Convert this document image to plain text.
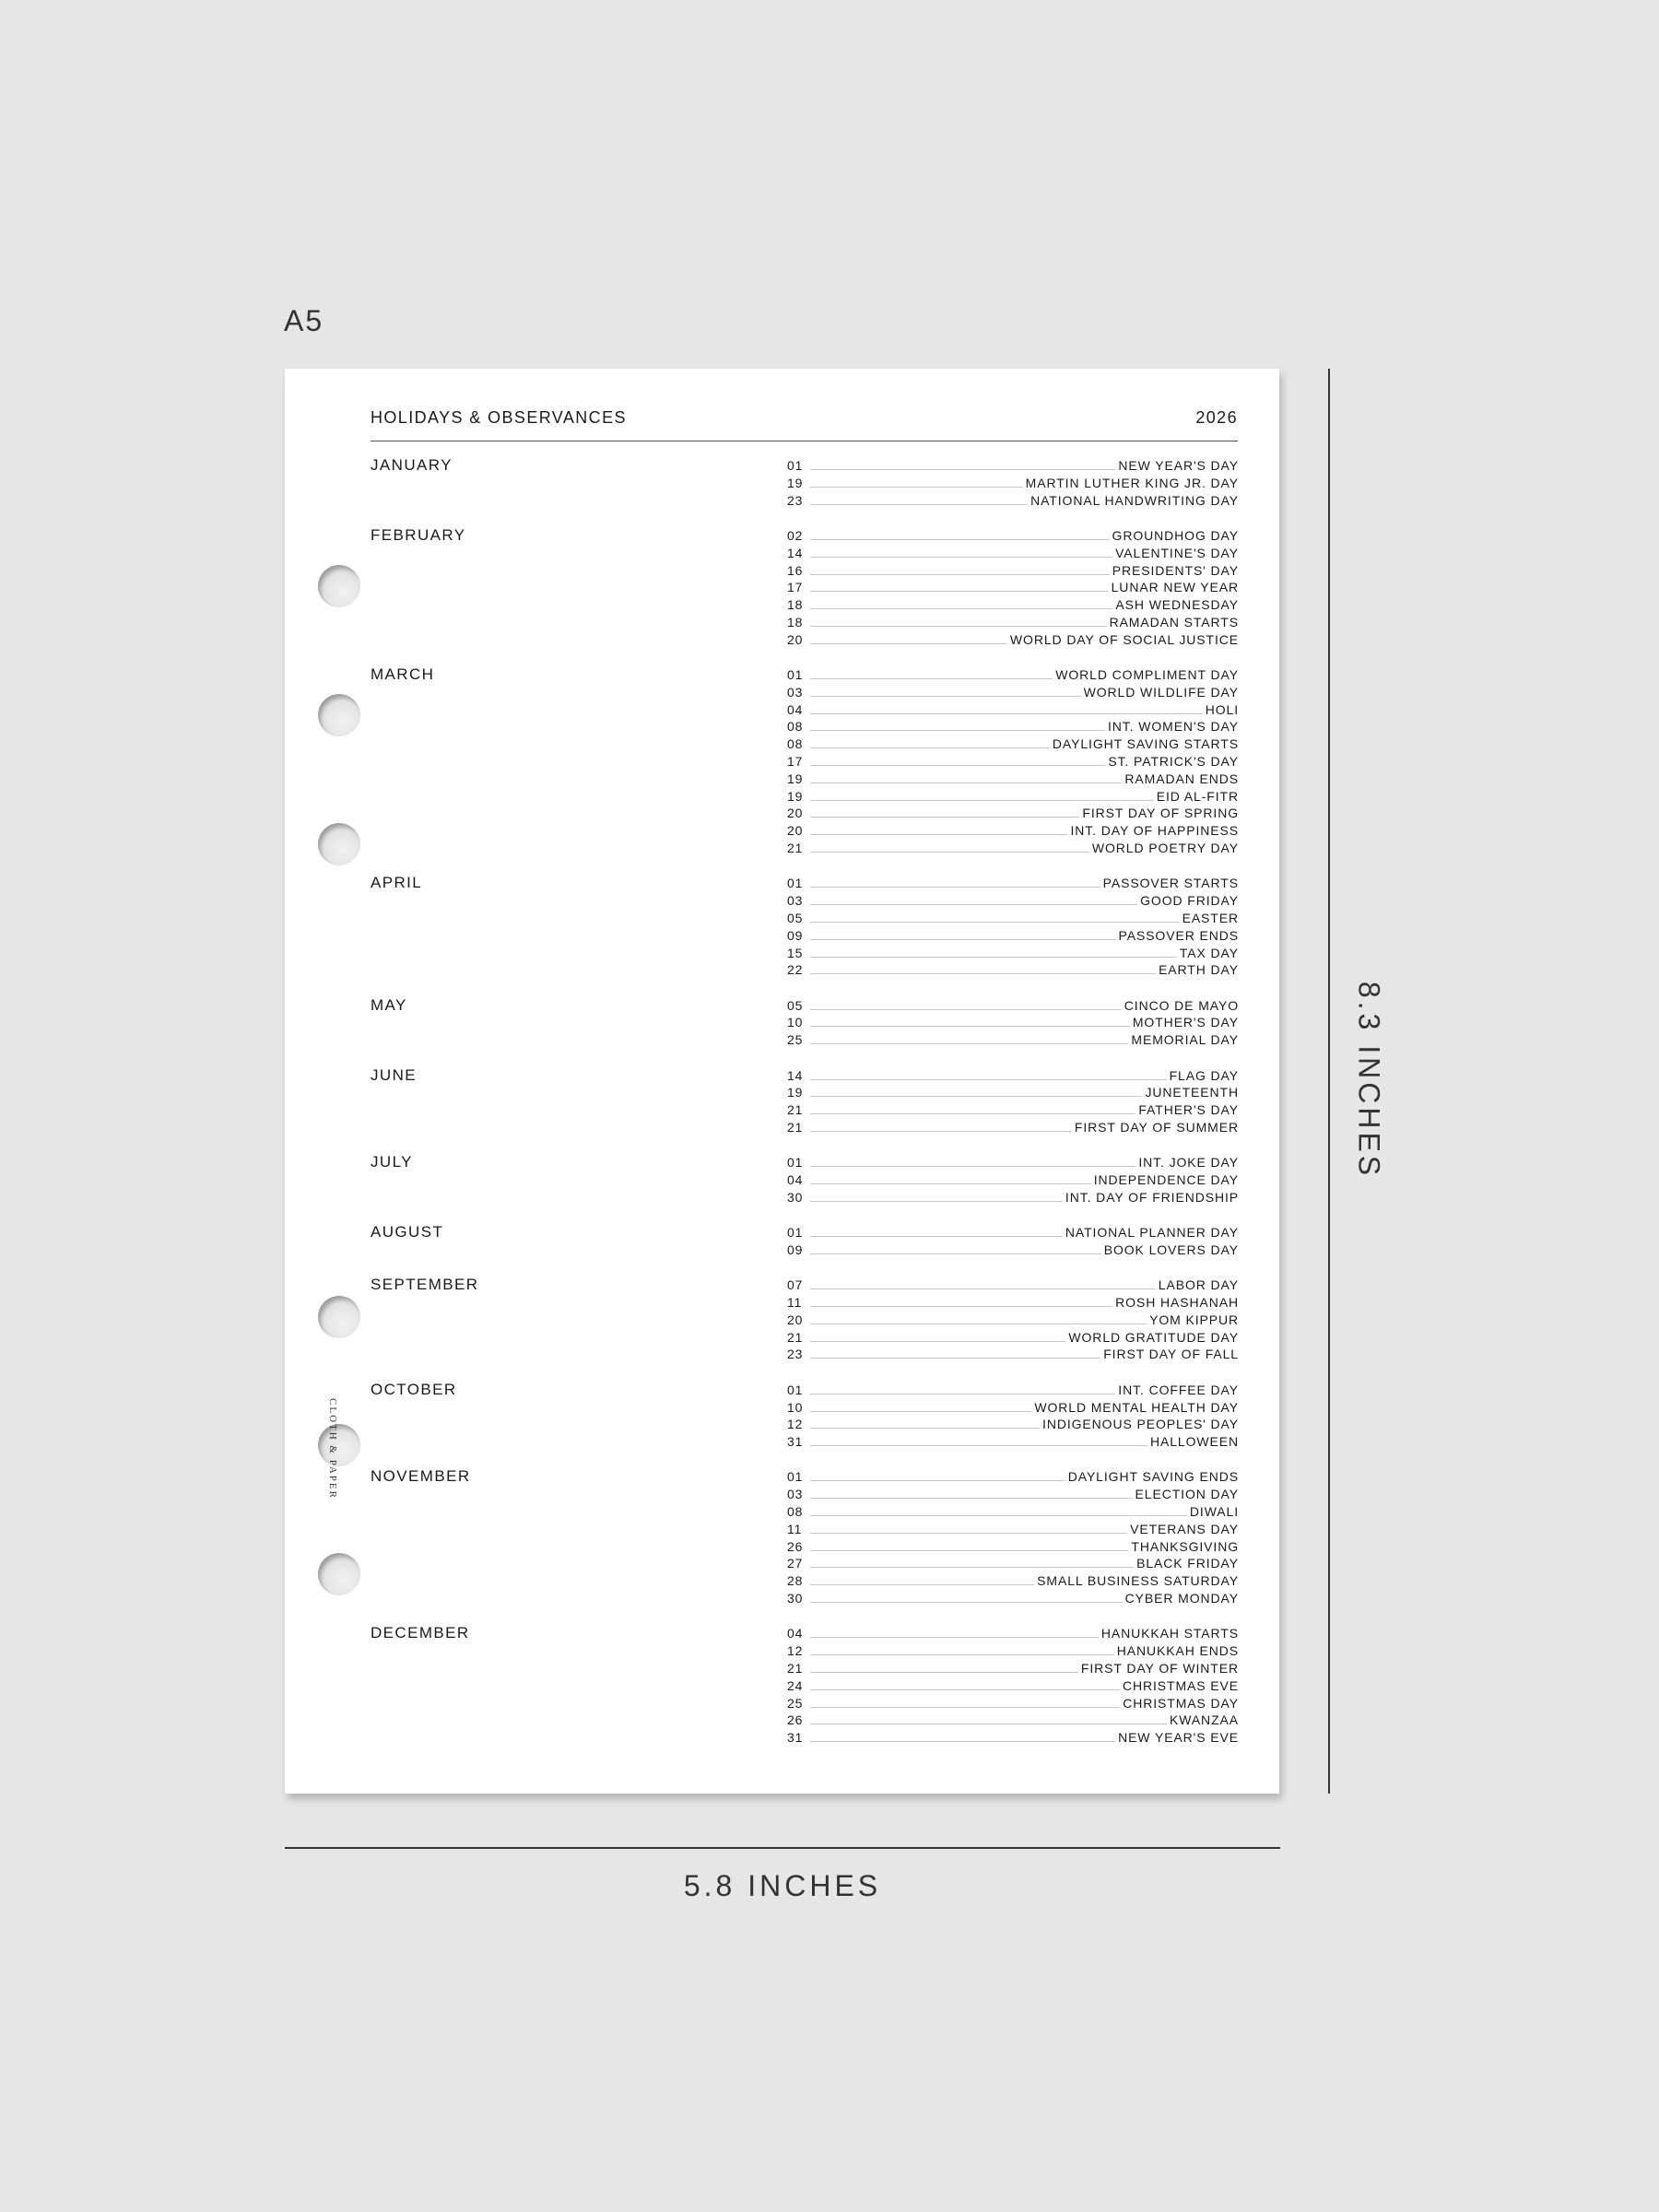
A5
CLOTH & PAPER
HOLIDAYS & OBSERVANCES	2026
JANUARY	01	NEW YEAR'S DAY
19	MARTIN LUTHER KING JR. DAY
23	NATIONAL HANDWRITING DAY
FEBRUARY	02	GROUNDHOG DAY
14	VALENTINE'S DAY
16	PRESIDENTS' DAY
17	LUNAR NEW YEAR
18	ASH WEDNESDAY
18	RAMADAN STARTS
20	WORLD DAY OF SOCIAL JUSTICE
MARCH	01	WORLD COMPLIMENT DAY
03	WORLD WILDLIFE DAY
04	HOLI
08	INT. WOMEN'S DAY
08	DAYLIGHT SAVING STARTS
17	ST. PATRICK'S DAY
19	RAMADAN ENDS
19	EID AL-FITR
20	FIRST DAY OF SPRING
20	INT. DAY OF HAPPINESS
21	WORLD POETRY DAY
APRIL	01	PASSOVER STARTS
03	GOOD FRIDAY
05	EASTER
09	PASSOVER ENDS
15	TAX DAY
22	EARTH DAY
MAY	05	CINCO DE MAYO
10	MOTHER'S DAY
25	MEMORIAL DAY
JUNE	14	FLAG DAY
19	JUNETEENTH
21	FATHER'S DAY
21	FIRST DAY OF SUMMER
JULY	01	INT. JOKE DAY
04	INDEPENDENCE DAY
30	INT. DAY OF FRIENDSHIP
AUGUST	01	NATIONAL PLANNER DAY
09	BOOK LOVERS DAY
SEPTEMBER	07	LABOR DAY
11	ROSH HASHANAH
20	YOM KIPPUR
21	WORLD GRATITUDE DAY
23	FIRST DAY OF FALL
OCTOBER	01	INT. COFFEE DAY
10	WORLD MENTAL HEALTH DAY
12	INDIGENOUS PEOPLES' DAY
31	HALLOWEEN
NOVEMBER	01	DAYLIGHT SAVING ENDS
03	ELECTION DAY
08	DIWALI
11	VETERANS DAY
26	THANKSGIVING
27	BLACK FRIDAY
28	SMALL BUSINESS SATURDAY
30	CYBER MONDAY
DECEMBER	04	HANUKKAH STARTS
12	HANUKKAH ENDS
21	FIRST DAY OF WINTER
24	CHRISTMAS EVE
25	CHRISTMAS DAY
26	KWANZAA
31	NEW YEAR'S EVE
5.8 INCHES
8.3 INCHES
